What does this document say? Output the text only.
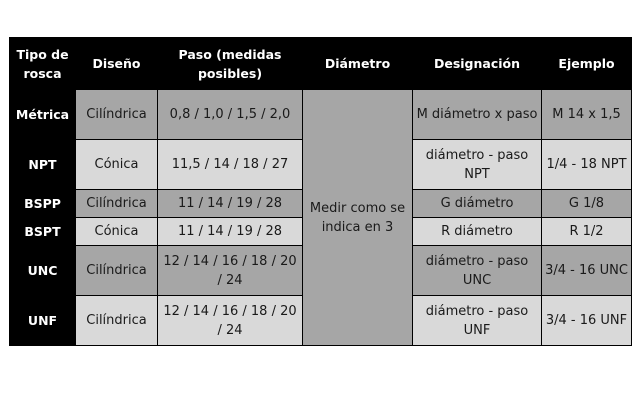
Tipo de rosca	Diseño	Paso (medidas posibles)	Diámetro	Designación	Ejemplo
Métrica	Cilíndrica	0,8 / 1,0 / 1,5 / 2,0	Medir como se indica en 3	M diámetro x paso	M 14 x 1,5
NPT	Cónica	11,5 / 14 / 18 / 27		diámetro - paso NPT	1/4 - 18 NPT
BSPP	Cilíndrica	11 / 14 / 19 / 28		G diámetro	G 1/8
BSPT	Cónica	11 / 14 / 19 / 28		R diámetro	R 1/2
UNC	Cilíndrica	12 / 14 / 16 / 18 / 20 / 24		diámetro - paso UNC	3/4 - 16 UNC
UNF	Cilíndrica	12 / 14 / 16 / 18 / 20 / 24		diámetro - paso UNF	3/4 - 16 UNF
